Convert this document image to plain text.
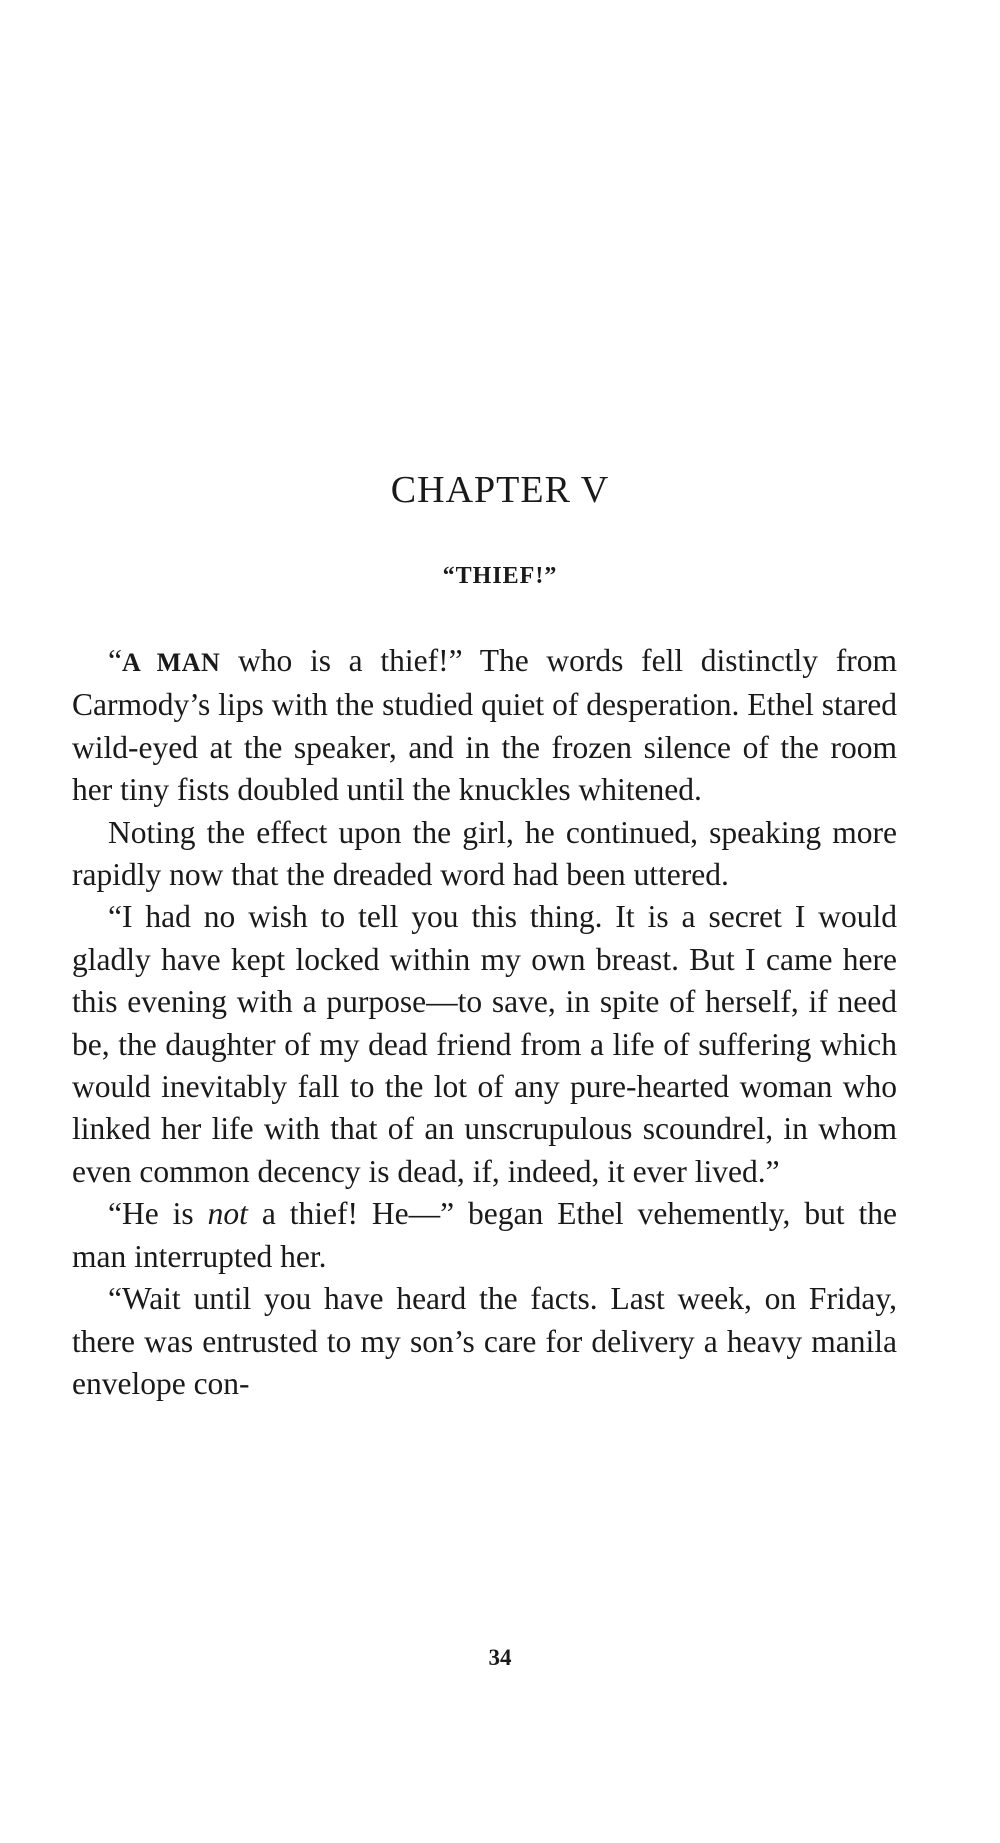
CHAPTER V
“THIEF!”

“A MAN who is a thief!” The words fell distinctly from Carmody’s lips with the studied quiet of desperation. Ethel stared wild-eyed at the speaker, and in the frozen silence of the room her tiny fists doubled until the knuckles whitened.

Noting the effect upon the girl, he continued, speaking more rapidly now that the dreaded word had been uttered.

“I had no wish to tell you this thing. It is a secret I would gladly have kept locked within my own breast. But I came here this evening with a purpose—to save, in spite of herself, if need be, the daughter of my dead friend from a life of suffering which would inevitably fall to the lot of any pure-hearted woman who linked her life with that of an unscrupulous scoundrel, in whom even common decency is dead, if, indeed, it ever lived.”

“He is not a thief! He—” began Ethel vehemently, but the man interrupted her.

“Wait until you have heard the facts. Last week, on Friday, there was entrusted to my son’s care for delivery a heavy manila envelope con-

34
